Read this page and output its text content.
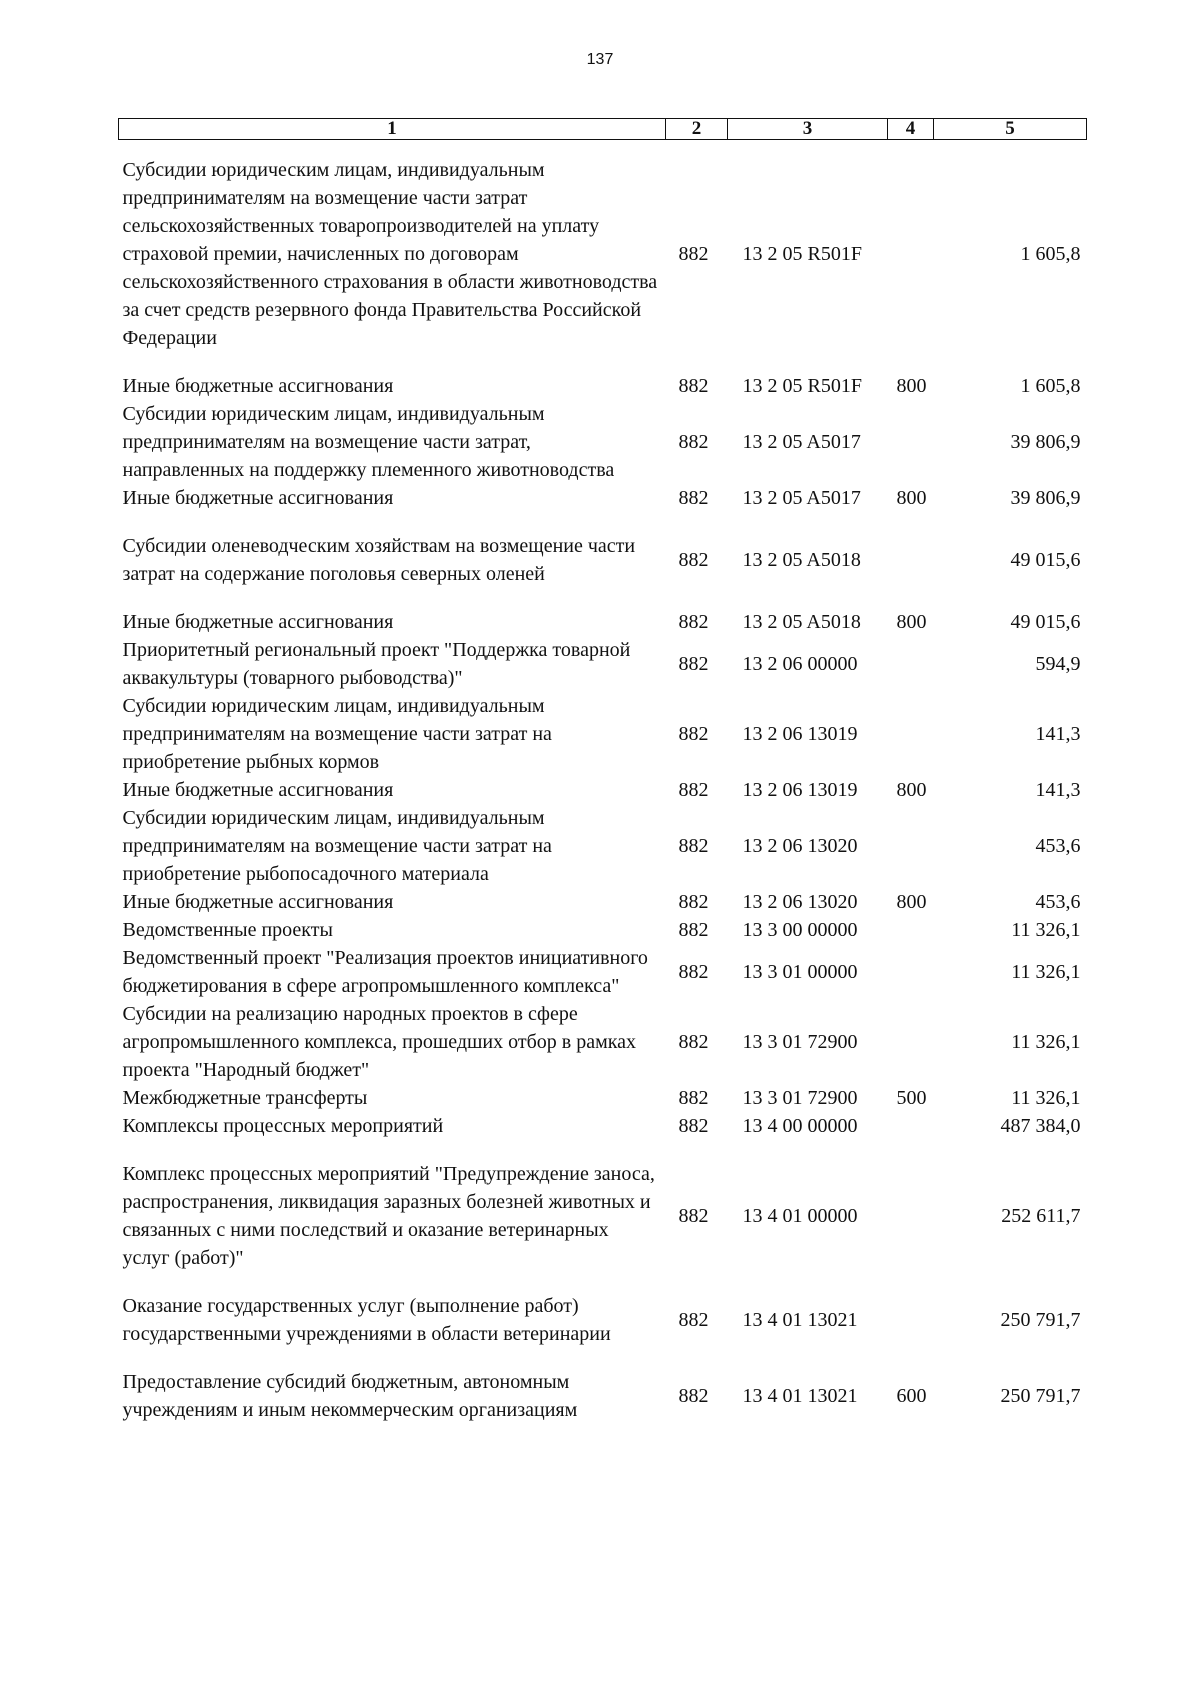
137
1	2	3	4	5
Субсидии юридическим лицам, индивидуальным предпринимателям на возмещение части затрат сельскохозяйственных товаропроизводителей на уплату страховой премии, начисленных по договорам сельскохозяйственного страхования в области животноводства за счет средств резервного фонда Правительства Российской Федерации	882	13 2 05 R501F		1 605,8
Иные бюджетные ассигнования	882	13 2 05 R501F	800	1 605,8
Субсидии юридическим лицам, индивидуальным предпринимателям на возмещение части затрат, направленных на поддержку племенного животноводства	882	13 2 05 A5017		39 806,9
Иные бюджетные ассигнования	882	13 2 05 A5017	800	39 806,9
Субсидии оленеводческим хозяйствам на возмещение части затрат на содержание поголовья северных оленей	882	13 2 05 A5018		49 015,6
Иные бюджетные ассигнования	882	13 2 05 A5018	800	49 015,6
Приоритетный региональный проект "Поддержка товарной аквакультуры (товарного рыбоводства)"	882	13 2 06 00000		594,9
Субсидии юридическим лицам, индивидуальным предпринимателям на возмещение части затрат на приобретение рыбных кормов	882	13 2 06 13019		141,3
Иные бюджетные ассигнования	882	13 2 06 13019	800	141,3
Субсидии юридическим лицам, индивидуальным предпринимателям на возмещение части затрат на приобретение рыбопосадочного материала	882	13 2 06 13020		453,6
Иные бюджетные ассигнования	882	13 2 06 13020	800	453,6
Ведомственные проекты	882	13 3 00 00000		11 326,1
Ведомственный проект "Реализация проектов инициативного бюджетирования в сфере агропромышленного комплекса"	882	13 3 01 00000		11 326,1
Субсидии на реализацию народных проектов в сфере агропромышленного комплекса, прошедших отбор в рамках проекта "Народный бюджет"	882	13 3 01 72900		11 326,1
Межбюджетные трансферты	882	13 3 01 72900	500	11 326,1
Комплексы процессных мероприятий	882	13 4 00 00000		487 384,0
Комплекс процессных мероприятий "Предупреждение заноса, распространения, ликвидация заразных болезней животных и связанных с ними последствий и оказание ветеринарных услуг (работ)"	882	13 4 01 00000		252 611,7
Оказание государственных услуг (выполнение работ) государственными учреждениями в области ветеринарии	882	13 4 01 13021		250 791,7
Предоставление субсидий бюджетным, автономным учреждениям и иным некоммерческим организациям	882	13 4 01 13021	600	250 791,7
